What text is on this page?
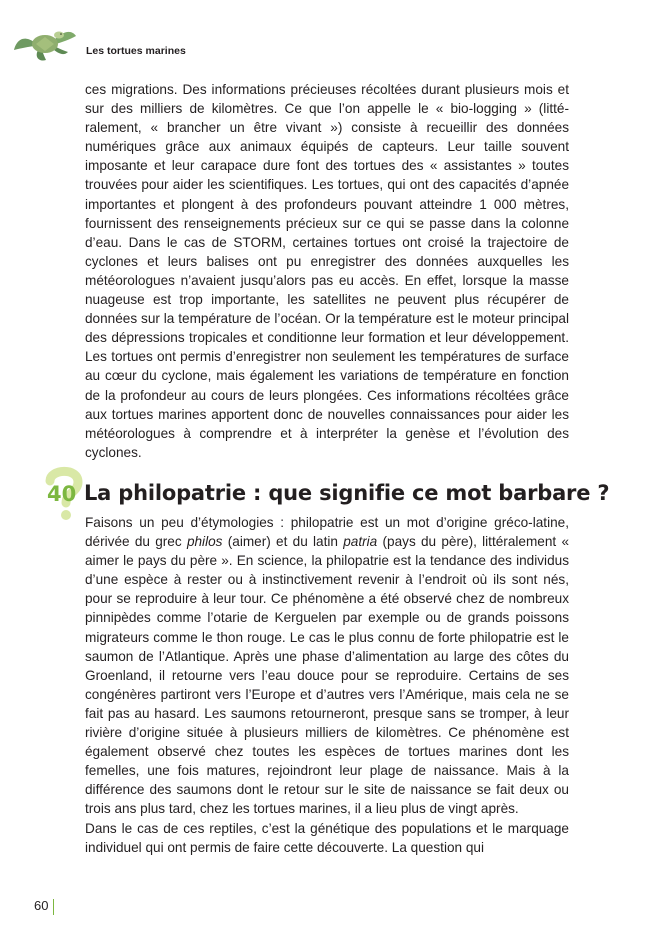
Les tortues marines

ces migrations. Des informations précieuses récoltées durant plusieurs mois et sur des milliers de kilomètres. Ce que l’on appelle le « bio-logging » (littéralement, « brancher un être vivant ») consiste à recueillir des données numériques grâce aux animaux équipés de capteurs. Leur taille souvent imposante et leur carapace dure font des tortues des « assistantes » toutes trouvées pour aider les scientifiques. Les tortues, qui ont des capacités d’apnée importantes et plongent à des profondeurs pouvant atteindre 1 000 mètres, fournissent des renseignements précieux sur ce qui se passe dans la colonne d’eau. Dans le cas de STORM, certaines tortues ont croisé la trajectoire de cyclones et leurs balises ont pu enregistrer des données auxquelles les météorologues n’avaient jusqu’alors pas eu accès. En effet, lorsque la masse nuageuse est trop importante, les satellites ne peuvent plus récupérer de données sur la température de l’océan. Or la température est le moteur principal des dépressions tropicales et conditionne leur formation et leur développement. Les tortues ont permis d’enregistrer non seulement les températures de surface au cœur du cyclone, mais également les variations de température en fonction de la profondeur au cours de leurs plongées. Ces informations récoltées grâce aux tortues marines apportent donc de nouvelles connaissances pour aider les météorologues à comprendre et à interpréter la genèse et l’évolution des cyclones.

40 La philopatrie : que signifie ce mot barbare ?

Faisons un peu d’étymologies : philopatrie est un mot d’origine gréco-latine, dérivée du grec philos (aimer) et du latin patria (pays du père), littéralement « aimer le pays du père ». En science, la philopatrie est la tendance des individus d’une espèce à rester ou à instinctivement revenir à l’endroit où ils sont nés, pour se reproduire à leur tour. Ce phénomène a été observé chez de nombreux pinnipèdes comme l’otarie de Kerguelen par exemple ou de grands poissons migrateurs comme le thon rouge. Le cas le plus connu de forte philopatrie est le saumon de l’Atlantique. Après une phase d’alimentation au large des côtes du Groenland, il retourne vers l’eau douce pour se reproduire. Certains de ses congénères partiront vers l’Europe et d’autres vers l’Amérique, mais cela ne se fait pas au hasard. Les saumons retourneront, presque sans se tromper, à leur rivière d’origine située à plusieurs milliers de kilomètres. Ce phénomène est également observé chez toutes les espèces de tortues marines dont les femelles, une fois matures, rejoindront leur plage de naissance. Mais à la différence des saumons dont le retour sur le site de naissance se fait deux ou trois ans plus tard, chez les tortues marines, il a lieu plus de vingt après.

Dans le cas de ces reptiles, c’est la génétique des populations et le marquage individuel qui ont permis de faire cette découverte. La question qui

60
